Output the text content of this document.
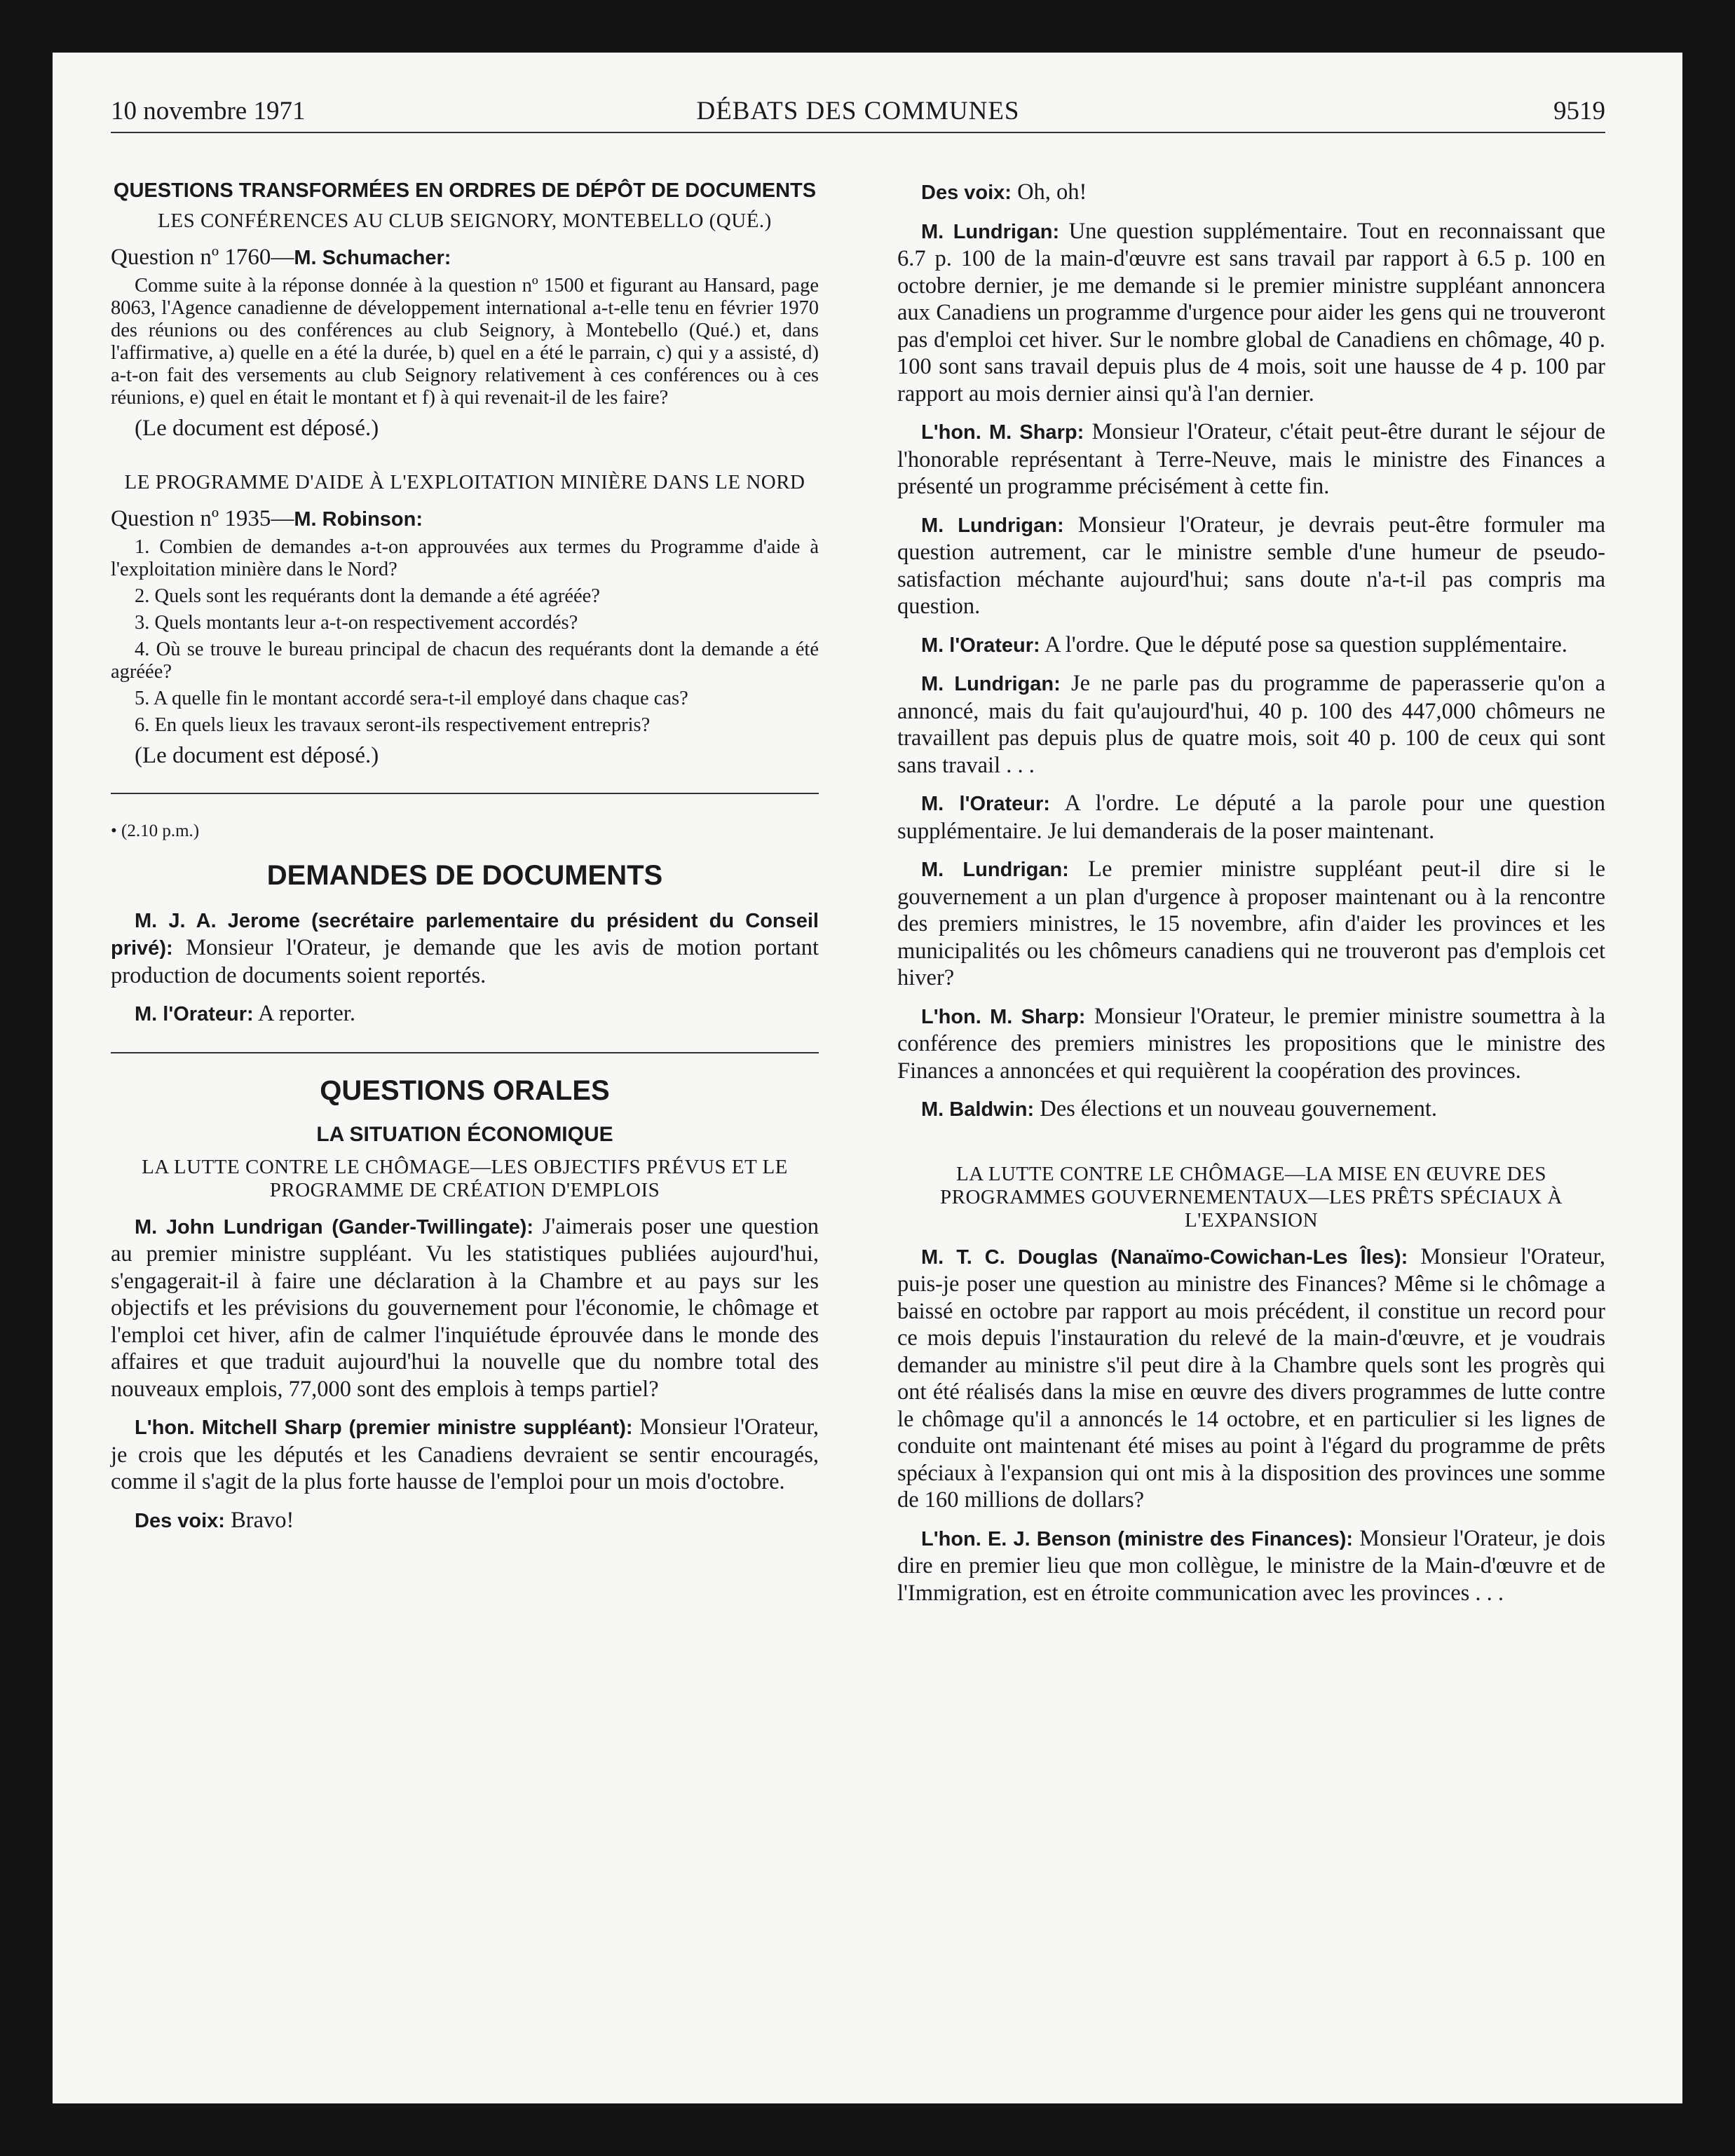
10 novembre 1971	DÉBATS DES COMMUNES	9519
QUESTIONS TRANSFORMÉES EN ORDRES DE DÉPÔT DE DOCUMENTS
LES CONFÉRENCES AU CLUB SEIGNORY, MONTEBELLO (QUÉ.)
Question nº 1760—M. Schumacher:

Comme suite à la réponse donnée à la question nº 1500 et figurant au Hansard, page 8063, l'Agence canadienne de développement international a-t-elle tenu en février 1970 des réunions ou des conférences au club Seignory, à Montebello (Qué.) et, dans l'affirmative, a) quelle en a été la durée, b) quel en a été le parrain, c) qui y a assisté, d) a-t-on fait des versements au club Seignory relativement à ces conférences ou à ces réunions, e) quel en était le montant et f) à qui revenait-il de les faire?

(Le document est déposé.)

LE PROGRAMME D'AIDE À L'EXPLOITATION MINIÈRE DANS LE NORD
Question nº 1935—M. Robinson:

1. Combien de demandes a-t-on approuvées aux termes du Programme d'aide à l'exploitation minière dans le Nord?

2. Quels sont les requérants dont la demande a été agréée?

3. Quels montants leur a-t-on respectivement accordés?

4. Où se trouve le bureau principal de chacun des requérants dont la demande a été agréée?

5. A quelle fin le montant accordé sera-t-il employé dans chaque cas?

6. En quels lieux les travaux seront-ils respectivement entrepris?

(Le document est déposé.)

• (2.10 p.m.)
DEMANDES DE DOCUMENTS

M. J. A. Jerome (secrétaire parlementaire du président du Conseil privé): Monsieur l'Orateur, je demande que les avis de motion portant production de documents soient reportés.

M. l'Orateur: A reporter.

QUESTIONS ORALES
LA SITUATION ÉCONOMIQUE
LA LUTTE CONTRE LE CHÔMAGE—LES OBJECTIFS PRÉVUS ET LE PROGRAMME DE CRÉATION D'EMPLOIS

M. John Lundrigan (Gander-Twillingate): J'aimerais poser une question au premier ministre suppléant. Vu les statistiques publiées aujourd'hui, s'engagerait-il à faire une déclaration à la Chambre et au pays sur les objectifs et les prévisions du gouvernement pour l'économie, le chômage et l'emploi cet hiver, afin de calmer l'inquiétude éprouvée dans le monde des affaires et que traduit aujourd'hui la nouvelle que du nombre total des nouveaux emplois, 77,000 sont des emplois à temps partiel?

L'hon. Mitchell Sharp (premier ministre suppléant): Monsieur l'Orateur, je crois que les députés et les Canadiens devraient se sentir encouragés, comme il s'agit de la plus forte hausse de l'emploi pour un mois d'octobre.

Des voix: Bravo!

Des voix: Oh, oh!

M. Lundrigan: Une question supplémentaire. Tout en reconnaissant que 6.7 p. 100 de la main-d'œuvre est sans travail par rapport à 6.5 p. 100 en octobre dernier, je me demande si le premier ministre suppléant annoncera aux Canadiens un programme d'urgence pour aider les gens qui ne trouveront pas d'emploi cet hiver. Sur le nombre global de Canadiens en chômage, 40 p. 100 sont sans travail depuis plus de 4 mois, soit une hausse de 4 p. 100 par rapport au mois dernier ainsi qu'à l'an dernier.

L'hon. M. Sharp: Monsieur l'Orateur, c'était peut-être durant le séjour de l'honorable représentant à Terre-Neuve, mais le ministre des Finances a présenté un programme précisément à cette fin.

M. Lundrigan: Monsieur l'Orateur, je devrais peut-être formuler ma question autrement, car le ministre semble d'une humeur de pseudo-satisfaction méchante aujourd'hui; sans doute n'a-t-il pas compris ma question.

M. l'Orateur: A l'ordre. Que le député pose sa question supplémentaire.

M. Lundrigan: Je ne parle pas du programme de paperasserie qu'on a annoncé, mais du fait qu'aujourd'hui, 40 p. 100 des 447,000 chômeurs ne travaillent pas depuis plus de quatre mois, soit 40 p. 100 de ceux qui sont sans travail . . .

M. l'Orateur: A l'ordre. Le député a la parole pour une question supplémentaire. Je lui demanderais de la poser maintenant.

M. Lundrigan: Le premier ministre suppléant peut-il dire si le gouvernement a un plan d'urgence à proposer maintenant ou à la rencontre des premiers ministres, le 15 novembre, afin d'aider les provinces et les municipalités ou les chômeurs canadiens qui ne trouveront pas d'emplois cet hiver?

L'hon. M. Sharp: Monsieur l'Orateur, le premier ministre soumettra à la conférence des premiers ministres les propositions que le ministre des Finances a annoncées et qui requièrent la coopération des provinces.

M. Baldwin: Des élections et un nouveau gouvernement.

LA LUTTE CONTRE LE CHÔMAGE—LA MISE EN ŒUVRE DES PROGRAMMES GOUVERNEMENTAUX—LES PRÊTS SPÉCIAUX À L'EXPANSION

M. T. C. Douglas (Nanaïmo-Cowichan-Les Îles): Monsieur l'Orateur, puis-je poser une question au ministre des Finances? Même si le chômage a baissé en octobre par rapport au mois précédent, il constitue un record pour ce mois depuis l'instauration du relevé de la main-d'œuvre, et je voudrais demander au ministre s'il peut dire à la Chambre quels sont les progrès qui ont été réalisés dans la mise en œuvre des divers programmes de lutte contre le chômage qu'il a annoncés le 14 octobre, et en particulier si les lignes de conduite ont maintenant été mises au point à l'égard du programme de prêts spéciaux à l'expansion qui ont mis à la disposition des provinces une somme de 160 millions de dollars?

L'hon. E. J. Benson (ministre des Finances): Monsieur l'Orateur, je dois dire en premier lieu que mon collègue, le ministre de la Main-d'œuvre et de l'Immigration, est en étroite communication avec les provinces . . .
